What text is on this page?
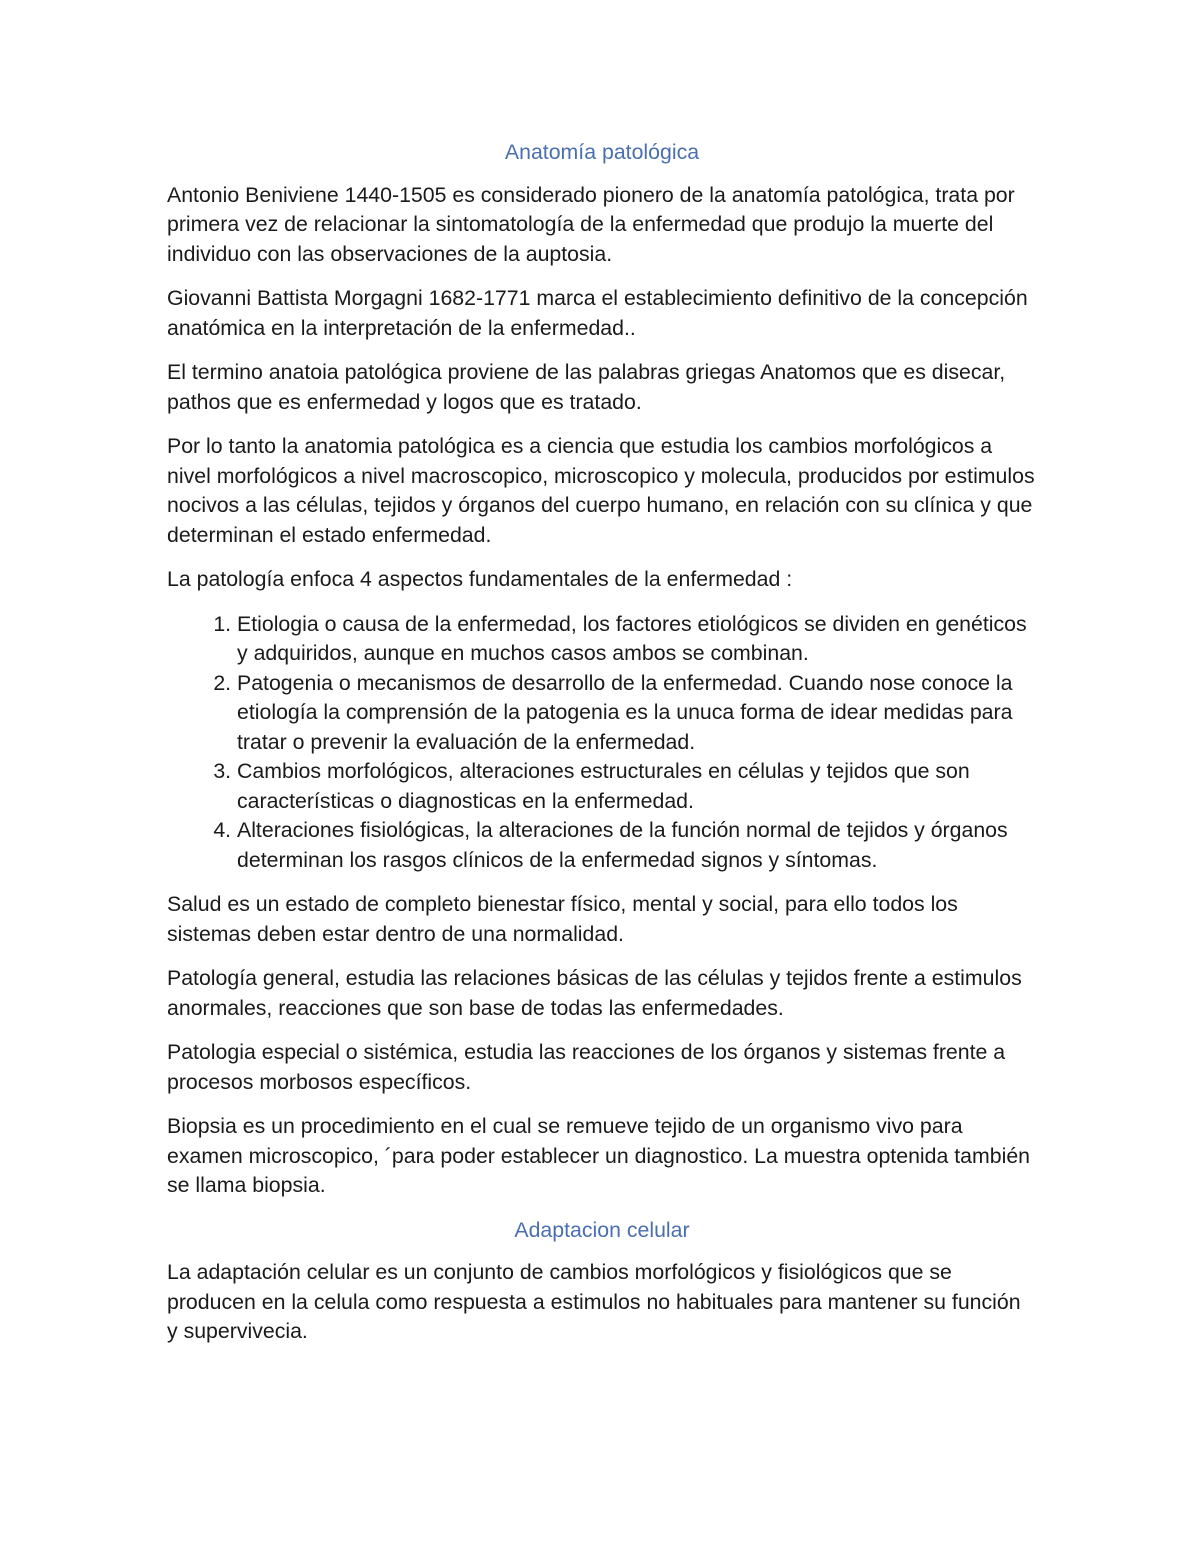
Anatomía patológica

Antonio Beniviene 1440-1505 es considerado pionero de la anatomía patológica, trata por primera vez de relacionar la sintomatología de la enfermedad que produjo la muerte del individuo con las observaciones de la auptosia.

Giovanni Battista Morgagni 1682-1771 marca el establecimiento definitivo de la concepción anatómica en la interpretación de la enfermedad..

El termino anatoia patológica proviene de las palabras griegas Anatomos que es disecar, pathos que es enfermedad y logos que es tratado.

Por lo tanto la anatomia patológica es a ciencia que estudia los cambios morfológicos a nivel morfológicos a nivel macroscopico, microscopico y molecula, producidos por estimulos nocivos a las células, tejidos y órganos del cuerpo humano, en relación con su clínica y que determinan el estado enfermedad.

La patología enfoca 4 aspectos fundamentales de la enfermedad :

1. Etiologia o causa de la enfermedad, los factores etiológicos se dividen en genéticos y adquiridos, aunque en muchos casos ambos se combinan.
2. Patogenia o mecanismos de desarrollo de la enfermedad. Cuando nose conoce la etiología la comprensión de la patogenia es la unuca forma de idear medidas para tratar o prevenir la evaluación de la enfermedad.
3. Cambios morfológicos, alteraciones estructurales en células y tejidos que son características o diagnosticas en la enfermedad.
4. Alteraciones fisiológicas, la alteraciones de la función normal de tejidos y órganos determinan los rasgos clínicos de la enfermedad signos y síntomas.

Salud es un estado de completo bienestar físico, mental y social, para ello todos los sistemas deben estar dentro de una normalidad.

Patología general, estudia las relaciones básicas de las células y tejidos frente a estimulos anormales, reacciones que son base de todas las enfermedades.

Patologia especial o sistémica, estudia las reacciones de los órganos y sistemas frente a procesos morbosos específicos.

Biopsia es un procedimiento en el cual se remueve tejido de un organismo vivo para examen microscopico, ´para poder establecer un diagnostico. La muestra optenida también se llama biopsia.

Adaptacion celular

La adaptación celular es un conjunto de cambios morfológicos y fisiológicos que se producen en la celula como respuesta a estimulos no habituales para mantener su función y supervivecia.
